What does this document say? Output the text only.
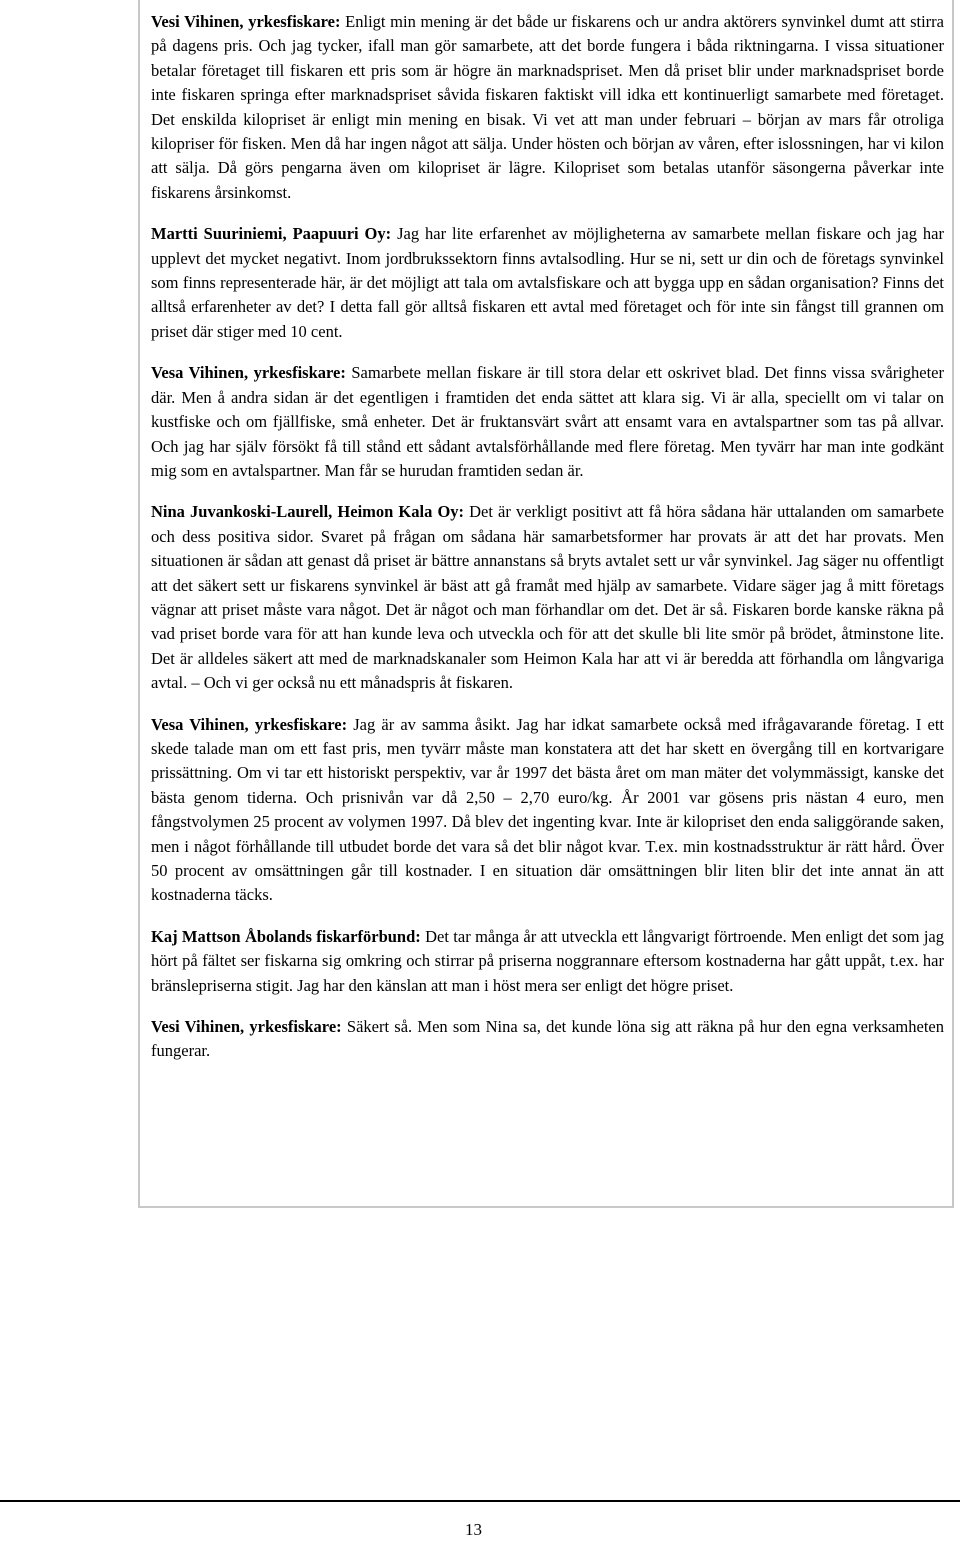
Vesi Vihinen, yrkesfiskare: Enligt min mening är det både ur fiskarens och ur andra aktörers synvinkel dumt att stirra på dagens pris. Och jag tycker, ifall man gör samarbete, att det borde fungera i båda riktningarna. I vissa situationer betalar företaget till fiskaren ett pris som är högre än marknadspriset. Men då priset blir under marknadspriset borde inte fiskaren springa efter marknadspriset såvida fiskaren faktiskt vill idka ett kontinuerligt samarbete med företaget. Det enskilda kilopriset är enligt min mening en bisak. Vi vet att man under februari – början av mars får otroliga kilopriser för fisken. Men då har ingen något att sälja. Under hösten och början av våren, efter islossningen, har vi kilon att sälja. Då görs pengarna även om kilopriset är lägre. Kilopriset som betalas utanför säsongerna påverkar inte fiskarens årsinkomst.

Martti Suuriniemi, Paapuuri Oy: Jag har lite erfarenhet av möjligheterna av samarbete mellan fiskare och jag har upplevt det mycket negativt. Inom jordbrukssektorn finns avtalsodling. Hur se ni, sett ur din och de företags synvinkel som finns representerade här, är det möjligt att tala om avtalsfiskare och att bygga upp en sådan organisation? Finns det alltså erfarenheter av det? I detta fall gör alltså fiskaren ett avtal med företaget och för inte sin fångst till grannen om priset där stiger med 10 cent.

Vesa Vihinen, yrkesfiskare: Samarbete mellan fiskare är till stora delar ett oskrivet blad. Det finns vissa svårigheter där. Men å andra sidan är det egentligen i framtiden det enda sättet att klara sig. Vi är alla, speciellt om vi talar on kustfiske och om fjällfiske, små enheter. Det är fruktansvärt svårt att ensamt vara en avtalspartner som tas på allvar. Och jag har själv försökt få till stånd ett sådant avtalsförhållande med flere företag. Men tyvärr har man inte godkänt mig som en avtalspartner. Man får se hurudan framtiden sedan är.

Nina Juvankoski-Laurell, Heimon Kala Oy: Det är verkligt positivt att få höra sådana här uttalanden om samarbete och dess positiva sidor. Svaret på frågan om sådana här samarbetsformer har provats är att det har provats. Men situationen är sådan att genast då priset är bättre annanstans så bryts avtalet sett ur vår synvinkel. Jag säger nu offentligt att det säkert sett ur fiskarens synvinkel är bäst att gå framåt med hjälp av samarbete. Vidare säger jag å mitt företags vägnar att priset måste vara något. Det är något och man förhandlar om det. Det är så. Fiskaren borde kanske räkna på vad priset borde vara för att han kunde leva och utveckla och för att det skulle bli lite smör på brödet, åtminstone lite. Det är alldeles säkert att med de marknadskanaler som Heimon Kala har att vi är beredda att förhandla om långvariga avtal. – Och vi ger också nu ett månadspris åt fiskaren.

Vesa Vihinen, yrkesfiskare: Jag är av samma åsikt. Jag har idkat samarbete också med ifrågavarande företag. I ett skede talade man om ett fast pris, men tyvärr måste man konstatera att det har skett en övergång till en kortvarigare prissättning. Om vi tar ett historiskt perspektiv, var år 1997 det bästa året om man mäter det volymmässigt, kanske det bästa genom tiderna. Och prisnivån var då 2,50 – 2,70 euro/kg. År 2001 var gösens pris nästan 4 euro, men fångstvolymen 25 procent av volymen 1997. Då blev det ingenting kvar. Inte är kilopriset den enda saliggörande saken, men i något förhållande till utbudet borde det vara så det blir något kvar. T.ex. min kostnadsstruktur är rätt hård. Över 50 procent av omsättningen går till kostnader. I en situation där omsättningen blir liten blir det inte annat än att kostnaderna täcks.

Kaj Mattson Åbolands fiskarförbund: Det tar många år att utveckla ett långvarigt förtroende. Men enligt det som jag hört på fältet ser fiskarna sig omkring och stirrar på priserna noggrannare eftersom kostnaderna har gått uppåt, t.ex. har bränslepriserna stigit. Jag har den känslan att man i höst mera ser enligt det högre priset.

Vesi Vihinen, yrkesfiskare: Säkert så. Men som Nina sa, det kunde löna sig att räkna på hur den egna verksamheten fungerar.

13
